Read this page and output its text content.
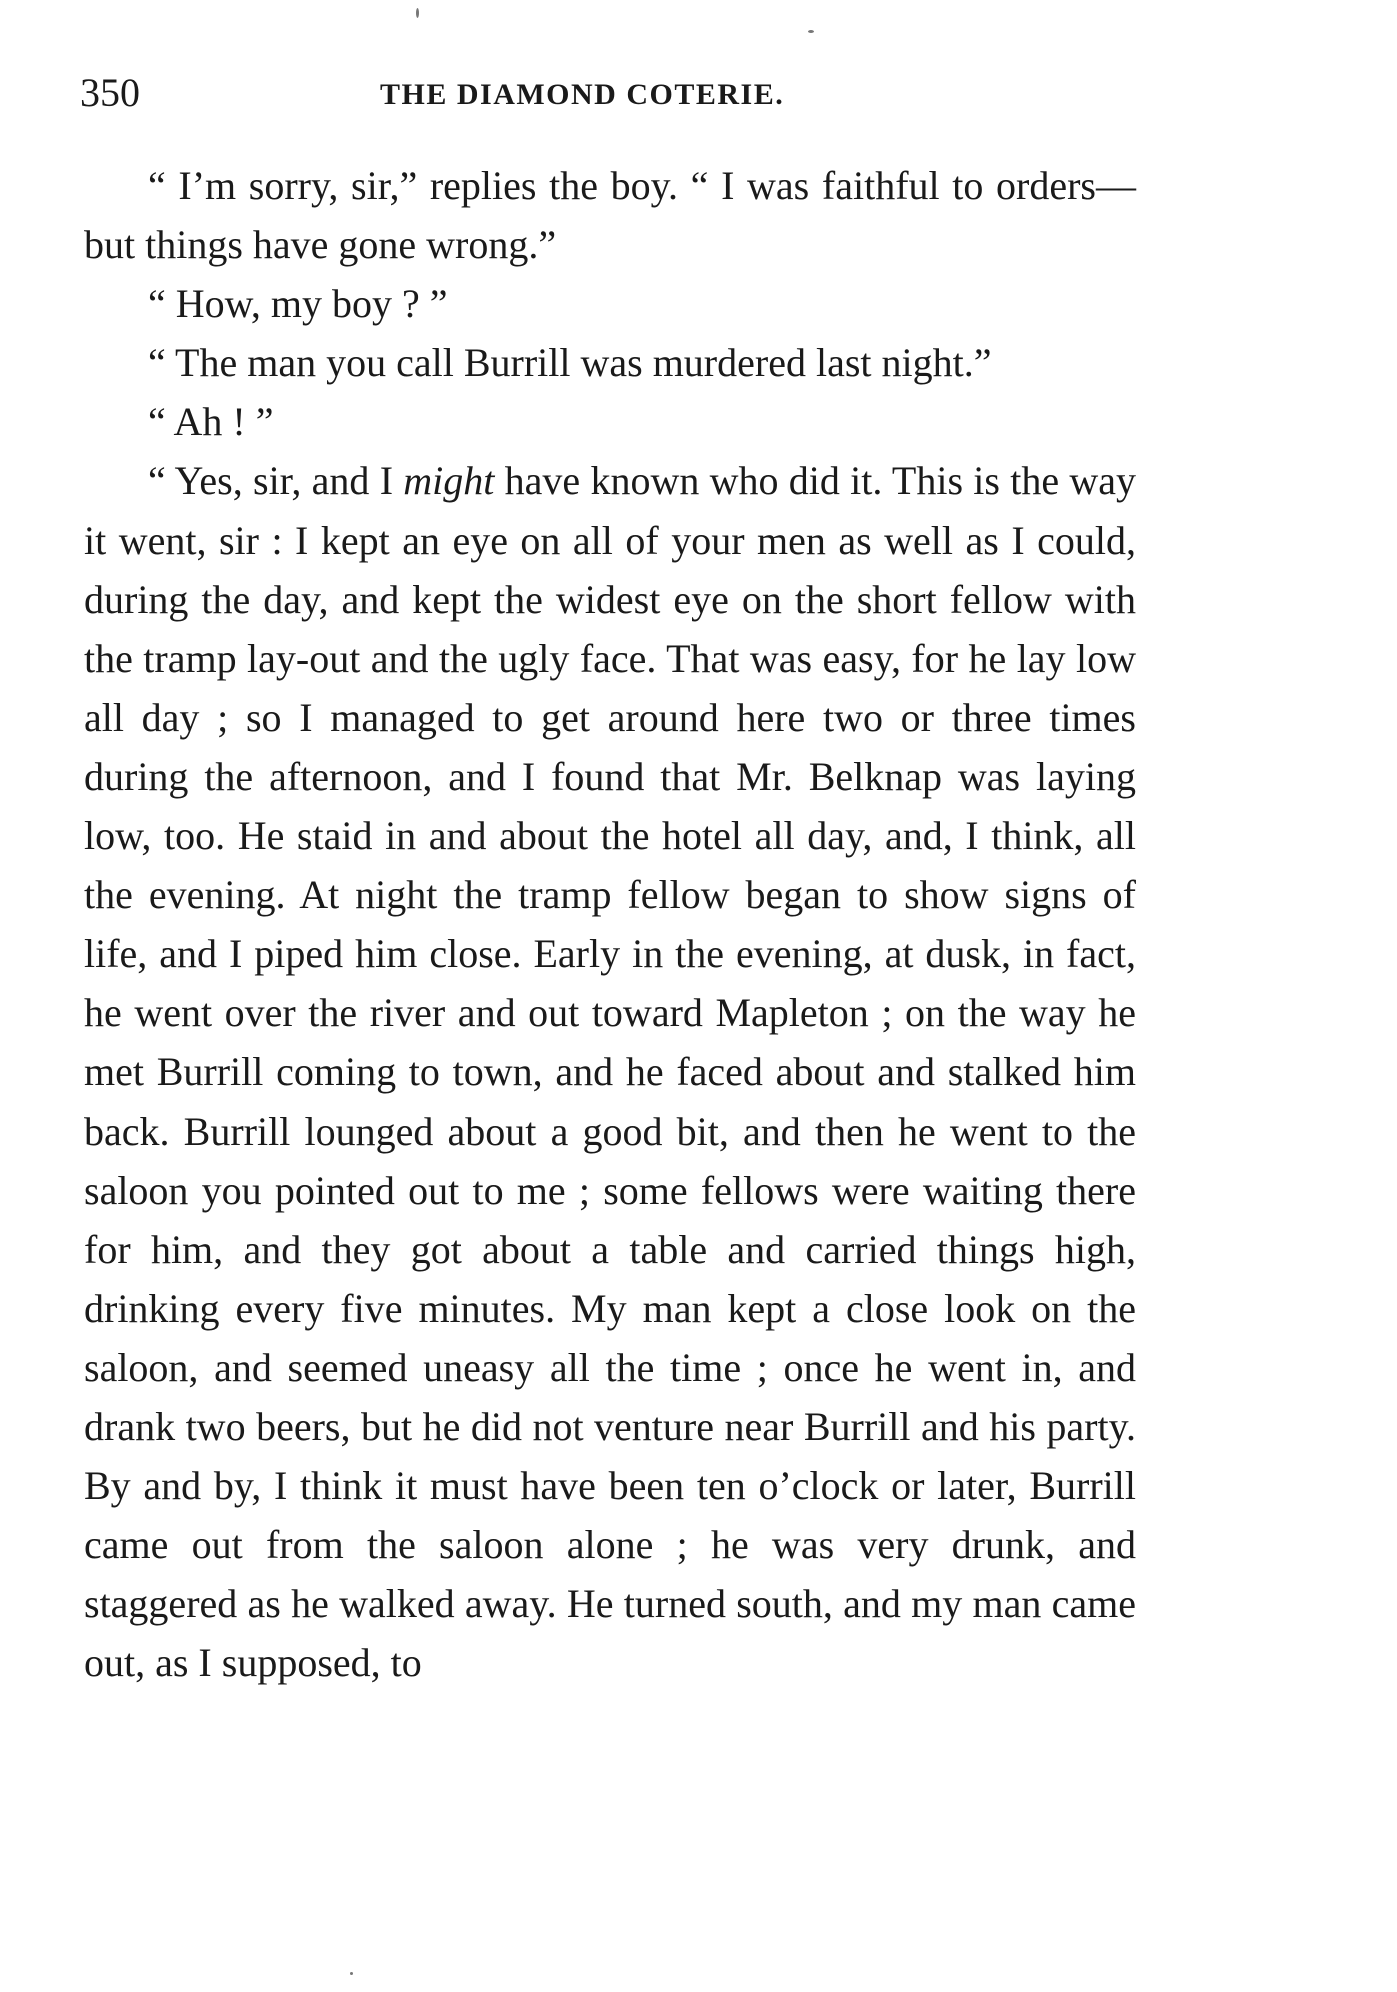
350	THE DIAMOND COTERIE.

“ I’m sorry, sir,” replies the boy. “ I was faithful to orders—but things have gone wrong.”

“ How, my boy ? ”

“ The man you call Burrill was murdered last night.”

“ Ah ! ”

“ Yes, sir, and I might have known who did it. This is the way it went, sir : I kept an eye on all of your men as well as I could, during the day, and kept the widest eye on the short fellow with the tramp lay-out and the ugly face. That was easy, for he lay low all day ; so I managed to get around here two or three times during the afternoon, and I found that Mr. Belknap was laying low, too. He staid in and about the hotel all day, and, I think, all the evening. At night the tramp fellow began to show signs of life, and I piped him close. Early in the evening, at dusk, in fact, he went over the river and out toward Mapleton ; on the way he met Burrill coming to town, and he faced about and stalked him back. Burrill lounged about a good bit, and then he went to the saloon you pointed out to me ; some fellows were waiting there for him, and they got about a table and carried things high, drinking every five minutes. My man kept a close look on the saloon, and seemed uneasy all the time ; once he went in, and drank two beers, but he did not venture near Burrill and his party. By and by, I think it must have been ten o’clock or later, Burrill came out from the saloon alone ; he was very drunk, and staggered as he walked away. He turned south, and my man came out, as I supposed, to
